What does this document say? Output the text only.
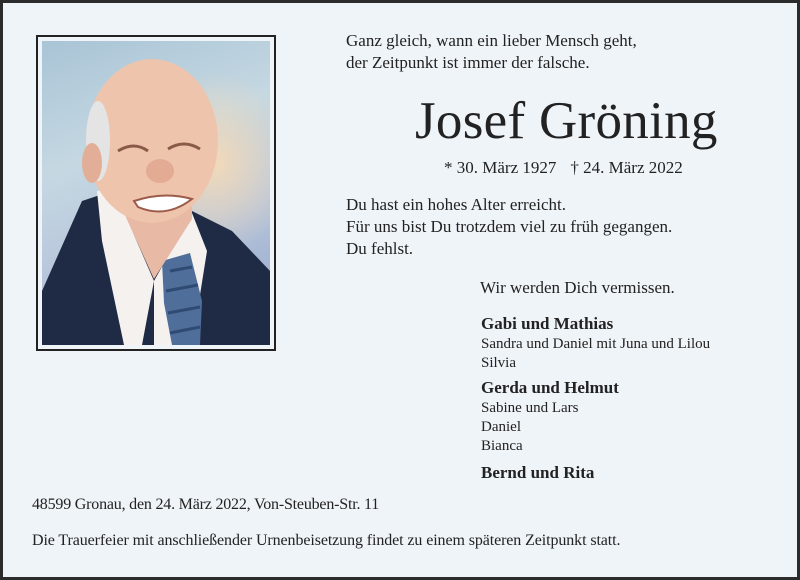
Ganz gleich, wann ein lieber Mensch geht,
der Zeitpunkt ist immer der falsche.
Josef Gröning
* 30. März 1927 † 24. März 2022
Du hast ein hohes Alter erreicht.
Für uns bist Du trotzdem viel zu früh gegangen.
Du fehlst.
Wir werden Dich vermissen.
Gabi und Mathias
Sandra und Daniel mit Juna und Lilou
Silvia
Gerda und Helmut
Sabine und Lars
Daniel
Bianca
Bernd und Rita
48599 Gronau, den 24. März 2022, Von-Steuben-Str. 11
Die Trauerfeier mit anschließender Urnenbeisetzung findet zu einem späteren Zeitpunkt statt.
